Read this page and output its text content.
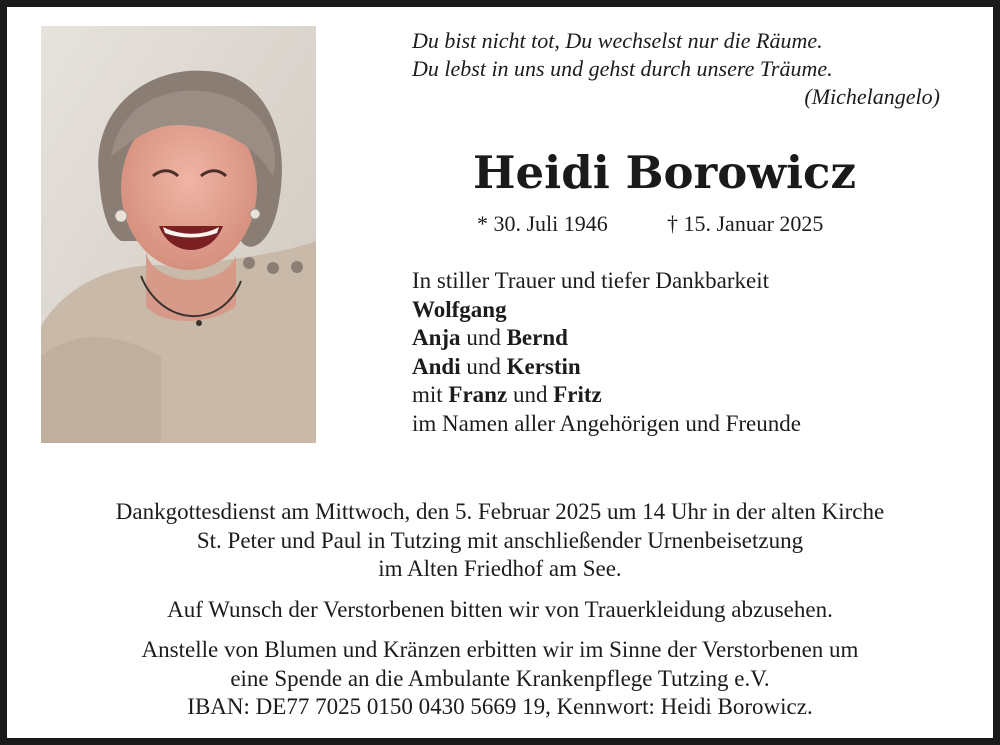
Du bist nicht tot, Du wechselst nur die Räume.
Du lebst in uns und gehst durch unsere Träume.
(Michelangelo)
Heidi Borowicz
* 30. Juli 1946	† 15. Januar 2025
In stiller Trauer und tiefer Dankbarkeit
Wolfgang
Anja und Bernd
Andi und Kerstin
mit Franz und Fritz
im Namen aller Angehörigen und Freunde
Dankgottesdienst am Mittwoch, den 5. Februar 2025 um 14 Uhr in der alten Kirche
St. Peter und Paul in Tutzing mit anschließender Urnenbeisetzung
im Alten Friedhof am See.
Auf Wunsch der Verstorbenen bitten wir von Trauerkleidung abzusehen.
Anstelle von Blumen und Kränzen erbitten wir im Sinne der Verstorbenen um
eine Spende an die Ambulante Krankenpflege Tutzing e.V.
IBAN: DE77 7025 0150 0430 5669 19, Kennwort: Heidi Borowicz.
